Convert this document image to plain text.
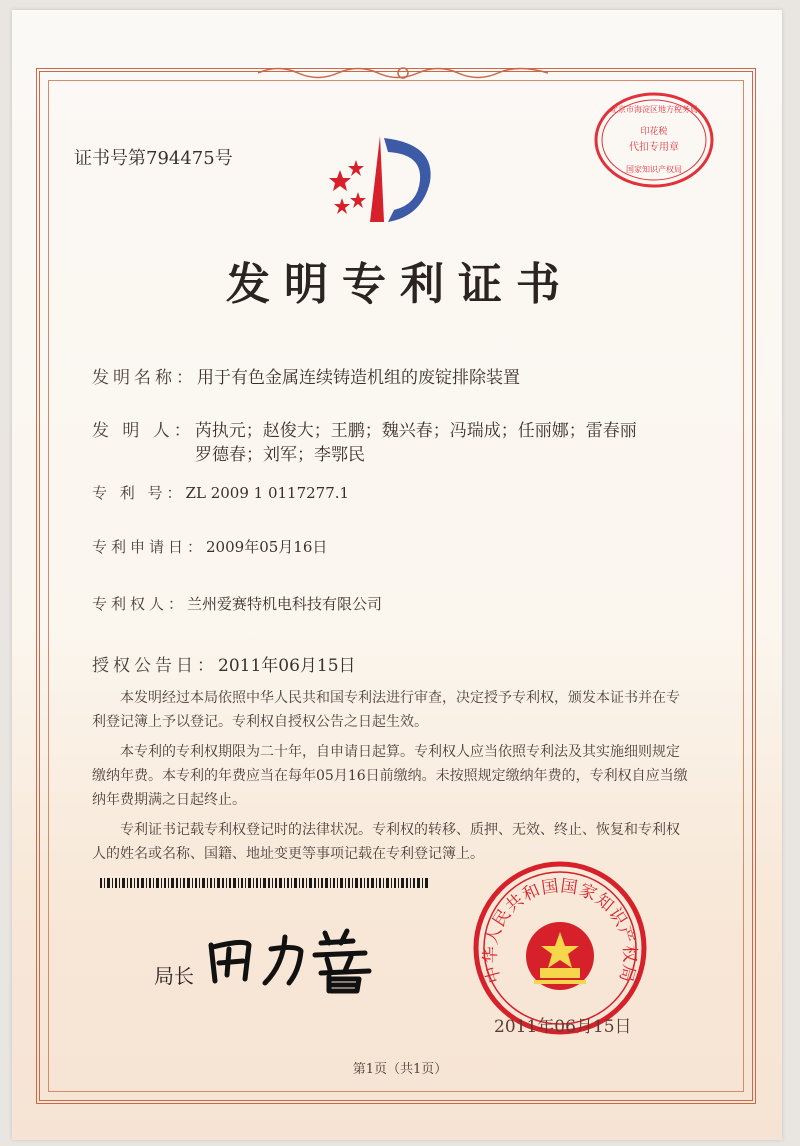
证书号第794475号
北京市海淀区地方税务局
印花税
代扣专用章
国家知识产权局
发明专利证书
发明名称：用于有色金属连续铸造机组的废锭排除装置
发 明 人：芮执元；赵俊大；王鹏；魏兴春；冯瑞成；任丽娜；雷春丽
罗德春；刘军；李鄂民
专 利 号：ZL 2009 1 0117277.1
专利申请日：2009年05月16日
专利权人：兰州爱赛特机电科技有限公司
授权公告日：2011年06月15日

本发明经过本局依照中华人民共和国专利法进行审查，决定授予专利权，颁发本证书并在专利登记簿上予以登记。专利权自授权公告之日起生效。

本专利的专利权期限为二十年，自申请日起算。专利权人应当依照专利法及其实施细则规定缴纳年费。本专利的年费应当在每年05月16日前缴纳。未按照规定缴纳年费的，专利权自应当缴纳年费期满之日起终止。

专利证书记载专利权登记时的法律状况。专利权的转移、质押、无效、终止、恢复和专利权人的姓名或名称、国籍、地址变更等事项记载在专利登记簿上。

局长	中华人民共和国国家知识产权局
2011年06月15日
第1页（共1页）
